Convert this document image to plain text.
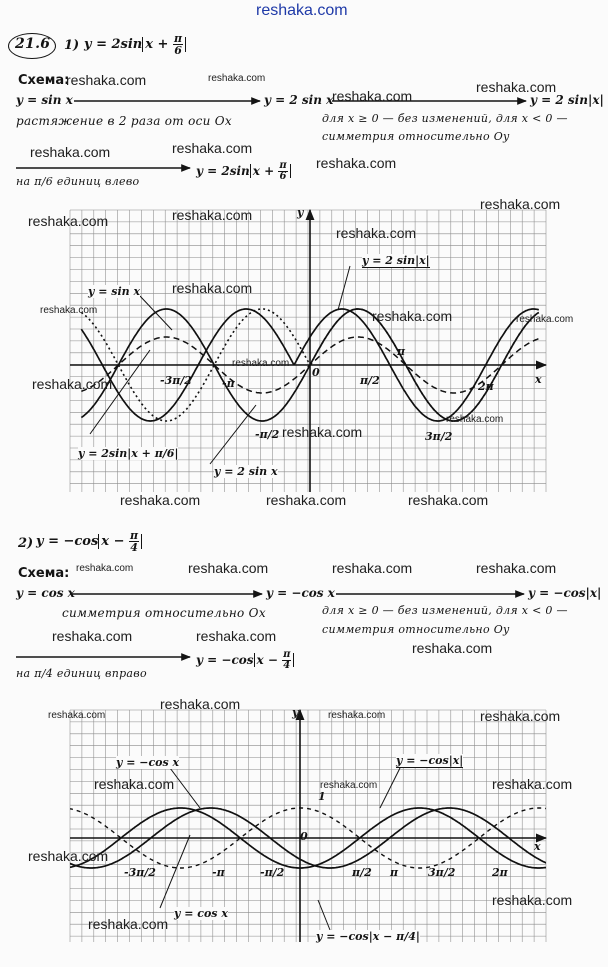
reshaka.com
21.6 1) y = 2sin $x + \frac{\pi}{6}$
Схема:
y = sin x	y = 2 sin x	y = 2 sin|x|
растяжение в 2 раза от оси Ox	для x ≥ 0 — без изменений, для x < 0 —
симметрия относительно Oy
на π/6 единиц влево
y = 2sin $x + \frac{\pi}{6}$
2) y = −cos $x - \frac{\pi}{4}$
Схема:
y = cos x	y = −cos x	y = −cos|x|
симметрия относительно Ox	для x ≥ 0 — без изменений, для x < 0 —
симметрия относительно Oy
на π/4 единиц вправо
y = −cos $x - \frac{\pi}{4}$
y
x
y = sin x
y = 2 sin|x|
y = 2sin|x + π/6|
y = 2 sin x
0
-3π/2	-π
-π/2
π/2
π
3π/2
2π
y
x
y = −cos x	y = −cos|x|
y = cos x
y = −cos|x − π/4|
1
0
-3π/2	-π	-π/2	π/2 π	3π/2	2π
reshaka.com	reshaka.com
reshaka.com
reshaka.com
reshaka.com	reshaka.com
reshaka.com
reshaka.com
reshaka.com	reshaka.com
reshaka.com
reshaka.com
reshaka.com	reshaka.com	reshaka.com
reshaka.com
reshaka.com
reshaka.com
reshaka.com
reshaka.com	reshaka.com	reshaka.com
reshaka.com	reshaka.com	reshaka.com	reshaka.com
reshaka.com	reshaka.com
reshaka.com
reshaka.com
reshaka.com	reshaka.com	reshaka.com
reshaka.com	reshaka.com
reshaka.com
reshaka.com
reshaka.com
reshaka.com
